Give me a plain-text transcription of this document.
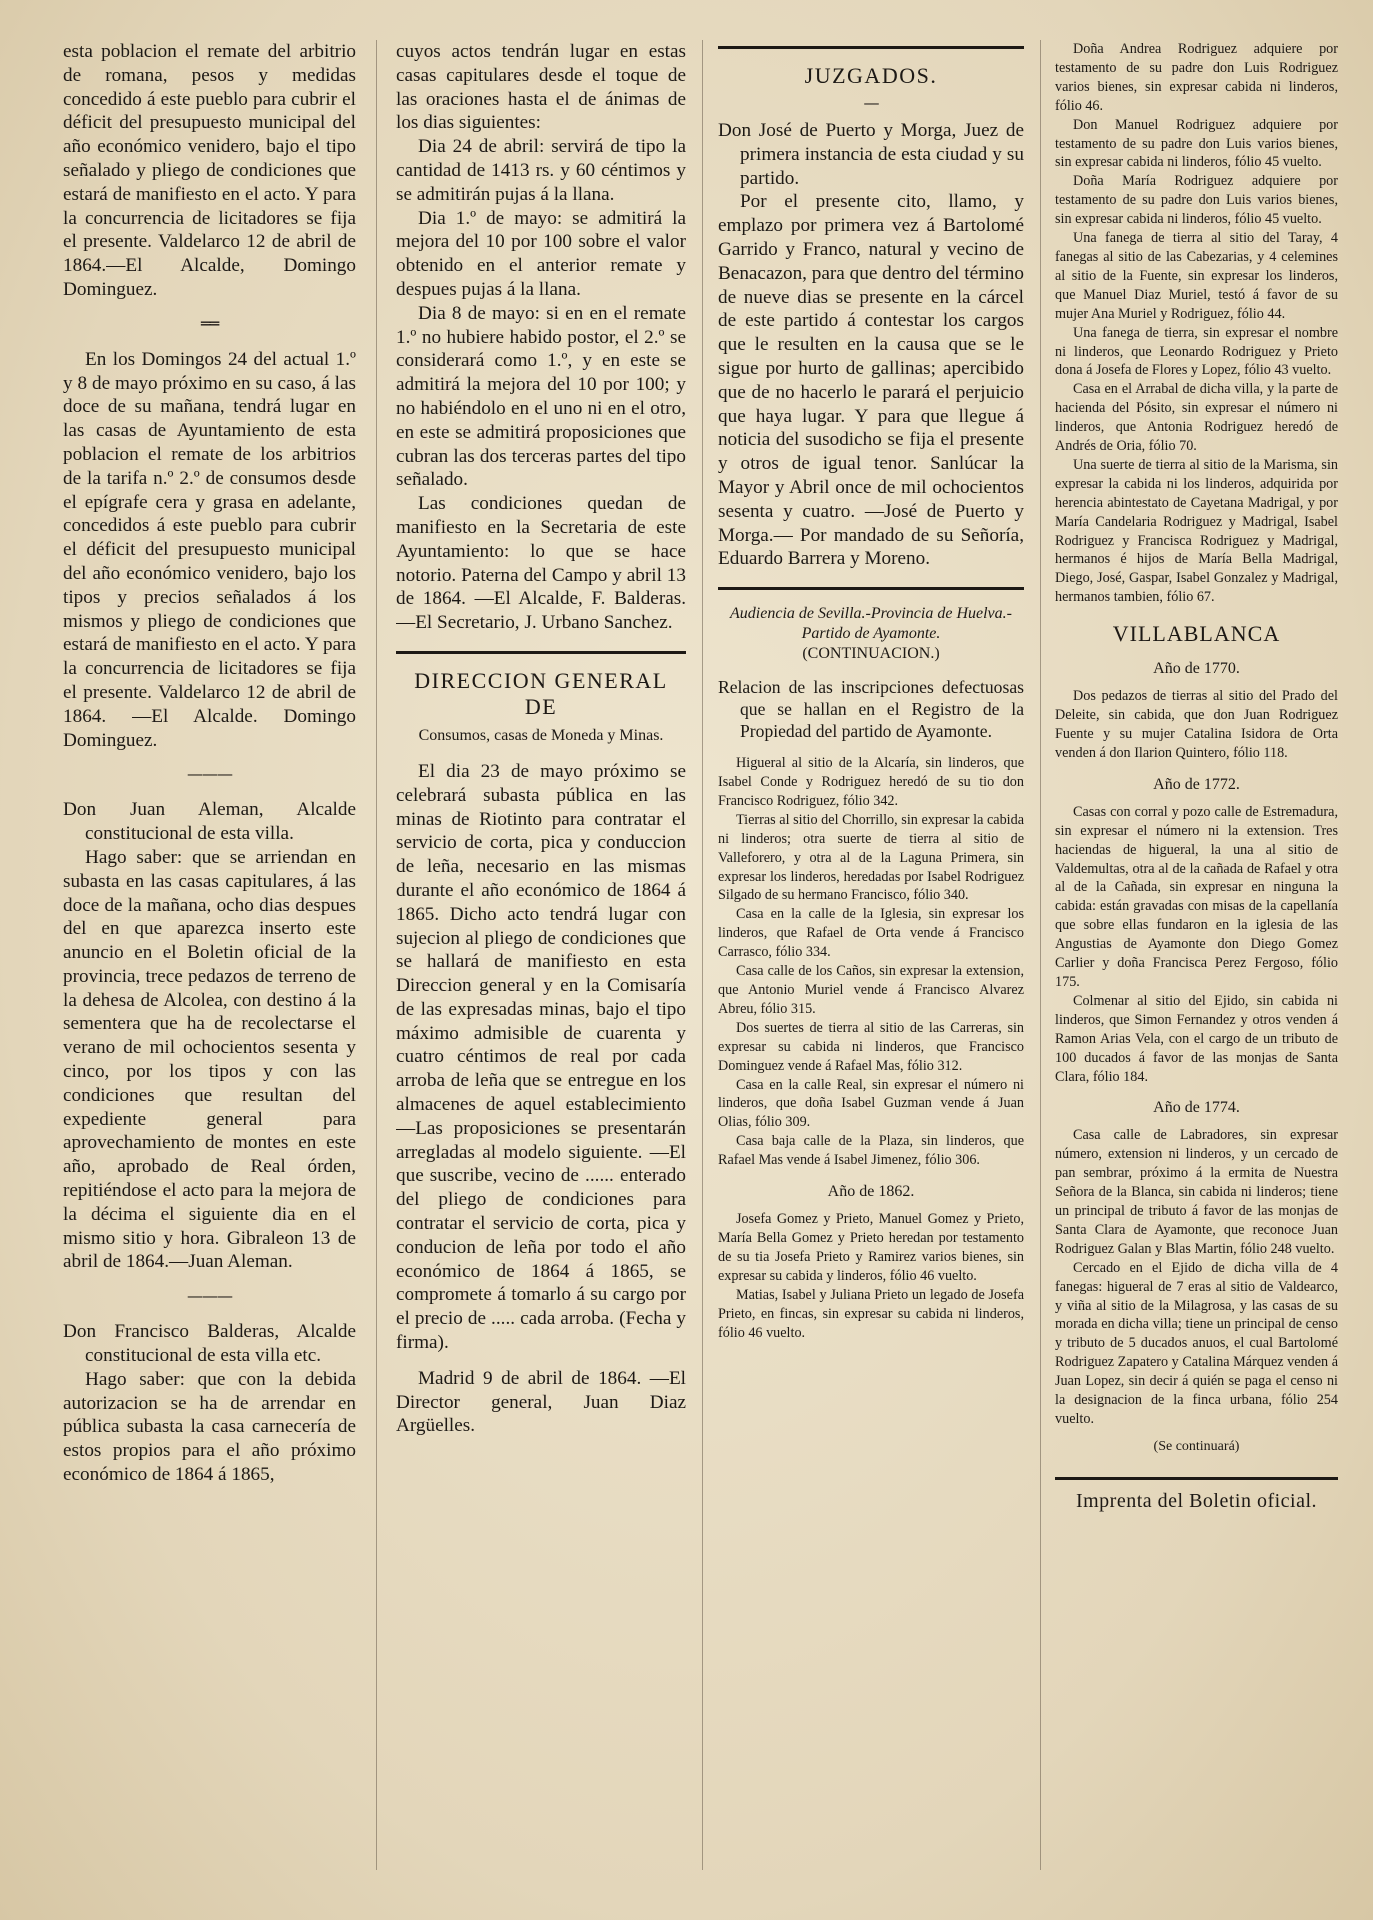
esta poblacion el remate del arbitrio de romana, pesos y medidas concedido á este pueblo para cubrir el déficit del presupuesto municipal del año económico venidero, bajo el tipo señalado y pliego de condiciones que estará de manifiesto en el acto. Y para la concurrencia de licitadores se fija el presente. Valdelarco 12 de abril de 1864.—El Alcalde, Domingo Dominguez.

══

En los Domingos 24 del actual 1.º y 8 de mayo próximo en su caso, á las doce de su mañana, tendrá lugar en las casas de Ayuntamiento de esta poblacion el remate de los arbitrios de la tarifa n.º 2.º de consumos desde el epígrafe cera y grasa en adelante, concedidos á este pueblo para cubrir el déficit del presupuesto municipal del año económico venidero, bajo los tipos y precios señalados á los mismos y pliego de condiciones que estará de manifiesto en el acto. Y para la concurrencia de licitadores se fija el presente. Valdelarco 12 de abril de 1864. —El Alcalde. Domingo Dominguez.

———

Don Juan Aleman, Alcalde constitucional de esta villa.

Hago saber: que se arriendan en subasta en las casas capitulares, á las doce de la mañana, ocho dias despues del en que aparezca inserto este anuncio en el Boletin oficial de la provincia, trece pedazos de terreno de la dehesa de Alcolea, con destino á la sementera que ha de recolectarse el verano de mil ochocientos sesenta y cinco, por los tipos y con las condiciones que resultan del expediente general para aprovechamiento de montes en este año, aprobado de Real órden, repitiéndose el acto para la mejora de la décima el siguiente dia en el mismo sitio y hora. Gibraleon 13 de abril de 1864.—Juan Aleman.

———

Don Francisco Balderas, Alcalde constitucional de esta villa etc.

Hago saber: que con la debida autorizacion se ha de arrendar en pública subasta la casa carnecería de estos propios para el año próximo económico de 1864 á 1865,

cuyos actos tendrán lugar en estas casas capitulares desde el toque de las oraciones hasta el de ánimas de los dias siguientes:

Dia 24 de abril: servirá de tipo la cantidad de 1413 rs. y 60 céntimos y se admitirán pujas á la llana.

Dia 1.º de mayo: se admitirá la mejora del 10 por 100 sobre el valor obtenido en el anterior remate y despues pujas á la llana.

Dia 8 de mayo: si en en el remate 1.º no hubiere habido postor, el 2.º se considerará como 1.º, y en este se admitirá la mejora del 10 por 100; y no habiéndolo en el uno ni en el otro, en este se admitirá proposiciones que cubran las dos terceras partes del tipo señalado.

Las condiciones quedan de manifiesto en la Secretaria de este Ayuntamiento: lo que se hace notorio. Paterna del Campo y abril 13 de 1864. —El Alcalde, F. Balderas. —El Secretario, J. Urbano Sanchez.

DIRECCION GENERAL DE
Consumos, casas de Moneda y Minas.

El dia 23 de mayo próximo se celebrará subasta pública en las minas de Riotinto para contratar el servicio de corta, pica y conduccion de leña, necesario en las mismas durante el año económico de 1864 á 1865. Dicho acto tendrá lugar con sujecion al pliego de condiciones que se hallará de manifiesto en esta Direccion general y en la Comisaría de las expresadas minas, bajo el tipo máximo admisible de cuarenta y cuatro céntimos de real por cada arroba de leña que se entregue en los almacenes de aquel establecimiento —Las proposiciones se presentarán arregladas al modelo siguiente. —El que suscribe, vecino de ...... enterado del pliego de condiciones para contratar el servicio de corta, pica y conducion de leña por todo el año económico de 1864 á 1865, se compromete á tomarlo á su cargo por el precio de ..... cada arroba. (Fecha y firma).

Madrid 9 de abril de 1864. —El Director general, Juan Diaz Argüelles.

JUZGADOS.
—

Don José de Puerto y Morga, Juez de primera instancia de esta ciudad y su partido.

Por el presente cito, llamo, y emplazo por primera vez á Bartolomé Garrido y Franco, natural y vecino de Benacazon, para que dentro del término de nueve dias se presente en la cárcel de este partido á contestar los cargos que le resulten en la causa que se le sigue por hurto de gallinas; apercibido que de no hacerlo le parará el perjuicio que haya lugar. Y para que llegue á noticia del susodicho se fija el presente y otros de igual tenor. Sanlúcar la Mayor y Abril once de mil ochocientos sesenta y cuatro. —José de Puerto y Morga.— Por mandado de su Señoría, Eduardo Barrera y Moreno.

Audiencia de Sevilla.-Provincia de Huelva.-Partido de Ayamonte.
(CONTINUACION.)

Relacion de las inscripciones defectuosas que se hallan en el Registro de la Propiedad del partido de Ayamonte.

Higueral al sitio de la Alcaría, sin linderos, que Isabel Conde y Rodriguez heredó de su tio don Francisco Rodriguez, fólio 342.

Tierras al sitio del Chorrillo, sin expresar la cabida ni linderos; otra suerte de tierra al sitio de Valleforero, y otra al de la Laguna Primera, sin expresar los linderos, heredadas por Isabel Rodriguez Silgado de su hermano Francisco, fólio 340.

Casa en la calle de la Iglesia, sin expresar los linderos, que Rafael de Orta vende á Francisco Carrasco, fólio 334.

Casa calle de los Caños, sin expresar la extension, que Antonio Muriel vende á Francisco Alvarez Abreu, fólio 315.

Dos suertes de tierra al sitio de las Carreras, sin expresar su cabida ni linderos, que Francisco Dominguez vende á Rafael Mas, fólio 312.

Casa en la calle Real, sin expresar el número ni linderos, que doña Isabel Guzman vende á Juan Olias, fólio 309.

Casa baja calle de la Plaza, sin linderos, que Rafael Mas vende á Isabel Jimenez, fólio 306.

Año de 1862.

Josefa Gomez y Prieto, Manuel Gomez y Prieto, María Bella Gomez y Prieto heredan por testamento de su tia Josefa Prieto y Ramirez varios bienes, sin expresar su cabida y linderos, fólio 46 vuelto.

Matias, Isabel y Juliana Prieto un legado de Josefa Prieto, en fincas, sin expresar su cabida ni linderos, fólio 46 vuelto.

Doña Andrea Rodriguez adquiere por testamento de su padre don Luis Rodriguez varios bienes, sin expresar cabida ni linderos, fólio 46.

Don Manuel Rodriguez adquiere por testamento de su padre don Luis varios bienes, sin expresar cabida ni linderos, fólio 45 vuelto.

Doña María Rodriguez adquiere por testamento de su padre don Luis varios bienes, sin expresar cabida ni linderos, fólio 45 vuelto.

Una fanega de tierra al sitio del Taray, 4 fanegas al sitio de las Cabezarias, y 4 celemines al sitio de la Fuente, sin expresar los linderos, que Manuel Diaz Muriel, testó á favor de su mujer Ana Muriel y Rodriguez, fólio 44.

Una fanega de tierra, sin expresar el nombre ni linderos, que Leonardo Rodriguez y Prieto dona á Josefa de Flores y Lopez, fólio 43 vuelto.

Casa en el Arrabal de dicha villa, y la parte de hacienda del Pósito, sin expresar el número ni linderos, que Antonia Rodriguez heredó de Andrés de Oria, fólio 70.

Una suerte de tierra al sitio de la Marisma, sin expresar la cabida ni los linderos, adquirida por herencia abintestato de Cayetana Madrigal, y por María Candelaria Rodriguez y Madrigal, Isabel Rodriguez y Francisca Rodriguez y Madrigal, hermanos é hijos de María Bella Madrigal, Diego, José, Gaspar, Isabel Gonzalez y Madrigal, hermanos tambien, fólio 67.

VILLABLANCA
Año de 1770.

Dos pedazos de tierras al sitio del Prado del Deleite, sin cabida, que don Juan Rodriguez Fuente y su mujer Catalina Isidora de Orta venden á don Ilarion Quintero, fólio 118.

Año de 1772.

Casas con corral y pozo calle de Estremadura, sin expresar el número ni la extension. Tres haciendas de higueral, la una al sitio de Valdemultas, otra al de la cañada de Rafael y otra al de la Cañada, sin expresar en ninguna la cabida: están gravadas con misas de la capellanía que sobre ellas fundaron en la iglesia de las Angustias de Ayamonte don Diego Gomez Carlier y doña Francisca Perez Fergoso, fólio 175.

Colmenar al sitio del Ejido, sin cabida ni linderos, que Simon Fernandez y otros venden á Ramon Arias Vela, con el cargo de un tributo de 100 ducados á favor de las monjas de Santa Clara, fólio 184.

Año de 1774.

Casa calle de Labradores, sin expresar número, extension ni linderos, y un cercado de pan sembrar, próximo á la ermita de Nuestra Señora de la Blanca, sin cabida ni linderos; tiene un principal de tributo á favor de las monjas de Santa Clara de Ayamonte, que reconoce Juan Rodriguez Galan y Blas Martin, fólio 248 vuelto.

Cercado en el Ejido de dicha villa de 4 fanegas: higueral de 7 eras al sitio de Valdearco, y viña al sitio de la Milagrosa, y las casas de su morada en dicha villa; tiene un principal de censo y tributo de 5 ducados anuos, el cual Bartolomé Rodriguez Zapatero y Catalina Márquez venden á Juan Lopez, sin decir á quién se paga el censo ni la designacion de la finca urbana, fólio 254 vuelto.

(Se continuará)
Imprenta del Boletin oficial.
